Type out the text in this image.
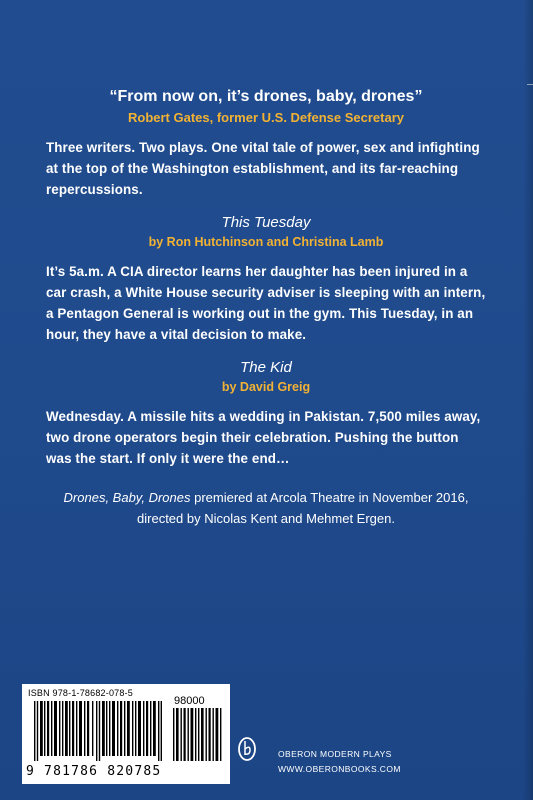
“From now on, it’s drones, baby, drones”

Robert Gates, former U.S. Defense Secretary

Three writers. Two plays. One vital tale of power, sex and infighting at the top of the Washington establishment, and its far-reaching repercussions.

This Tuesday

by Ron Hutchinson and Christina Lamb

It’s 5a.m. A CIA director learns her daughter has been injured in a car crash, a White House security adviser is sleeping with an intern, a Pentagon General is working out in the gym. This Tuesday, in an hour, they have a vital decision to make.

The Kid

by David Greig

Wednesday. A missile hits a wedding in Pakistan. 7,500 miles away, two drone operators begin their celebration. Pushing the button was the start. If only it were the end…

Drones, Baby, Drones premiered at Arcola Theatre in November 2016, directed by Nicolas Kent and Mehmet Ergen.

ISBN 978-1-78682-078-5
98000
9 781786 820785
OBERON MODERN PLAYS
WWW.OBERONBOOKS.COM
